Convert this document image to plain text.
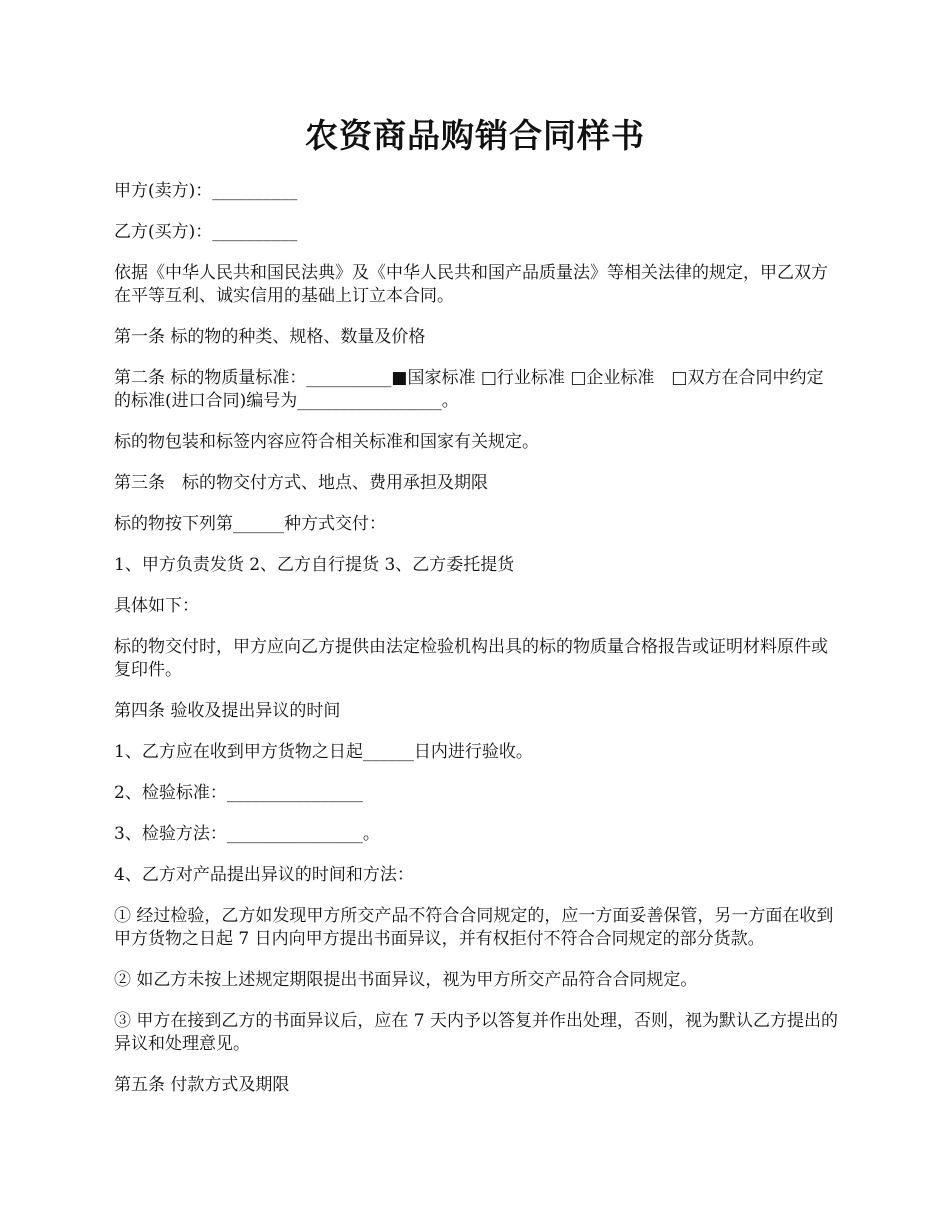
农资商品购销合同样书

甲方(卖方)：__________

乙方(买方)：__________

依据《中华人民共和国民法典》及《中华人民共和国产品质量法》等相关法律的规定，甲乙双方在平等互利、诚实信用的基础上订立本合同。

第一条 标的物的种类、规格、数量及价格

第二条 标的物质量标准：__________■国家标准 □行业标准 □企业标准　□双方在合同中约定的标准(进口合同)编号为_________________。

标的物包装和标签内容应符合相关标准和国家有关规定。

第三条　标的物交付方式、地点、费用承担及期限

标的物按下列第______种方式交付：

1、甲方负责发货 2、乙方自行提货 3、乙方委托提货

具体如下：

标的物交付时，甲方应向乙方提供由法定检验机构出具的标的物质量合格报告或证明材料原件或复印件。

第四条 验收及提出异议的时间

1、乙方应在收到甲方货物之日起______日内进行验收。

2、检验标准：________________

3、检验方法：________________。

4、乙方对产品提出异议的时间和方法：

① 经过检验，乙方如发现甲方所交产品不符合合同规定的，应一方面妥善保管，另一方面在收到甲方货物之日起 7 日内向甲方提出书面异议，并有权拒付不符合合同规定的部分货款。

② 如乙方未按上述规定期限提出书面异议，视为甲方所交产品符合合同规定。

③ 甲方在接到乙方的书面异议后，应在 7 天内予以答复并作出处理，否则，视为默认乙方提出的异议和处理意见。

第五条 付款方式及期限
